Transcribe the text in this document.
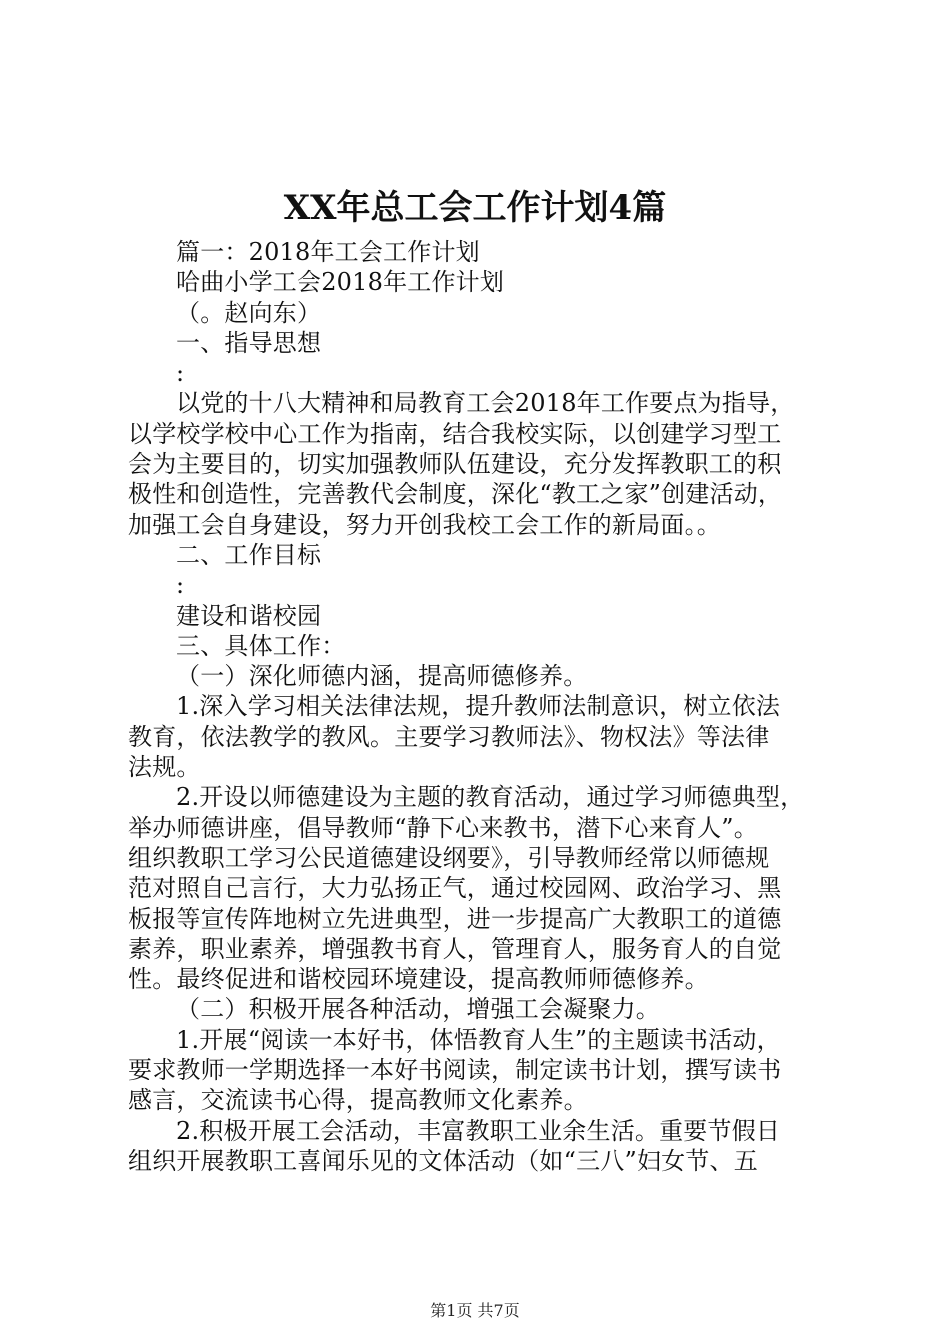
XX年总工会工作计划4篇
篇一：2018年工会工作计划
哈曲小学工会2018年工作计划
（。赵向东）
一、指导思想
:
以党的十八大精神和局教育工会2018年工作要点为指导，
以学校学校中心工作为指南，结合我校实际，以创建学习型工
会为主要目的，切实加强教师队伍建设，充分发挥教职工的积
极性和创造性，完善教代会制度，深化“教工之家”创建活动，
加强工会自身建设，努力开创我校工会工作的新局面。。
二、工作目标
:
建设和谐校园
三、具体工作：
（一）深化师德内涵，提高师德修养。
1.深入学习相关法律法规，提升教师法制意识，树立依法
教育，依法教学的教风。主要学习教师法》、物权法》等法律
法规。
2.开设以师德建设为主题的教育活动，通过学习师德典型，
举办师德讲座，倡导教师“静下心来教书，潜下心来育人”。
组织教职工学习公民道德建设纲要》，引导教师经常以师德规
范对照自己言行，大力弘扬正气，通过校园网、政治学习、黑
板报等宣传阵地树立先进典型，进一步提高广大教职工的道德
素养，职业素养，增强教书育人，管理育人，服务育人的自觉
性。最终促进和谐校园环境建设，提高教师师德修养。
（二）积极开展各种活动，增强工会凝聚力。
1.开展“阅读一本好书，体悟教育人生”的主题读书活动，
要求教师一学期选择一本好书阅读，制定读书计划，撰写读书
感言，交流读书心得，提高教师文化素养。
2.积极开展工会活动，丰富教职工业余生活。重要节假日
组织开展教职工喜闻乐见的文体活动（如“三八”妇女节、五
第1页 共7页
